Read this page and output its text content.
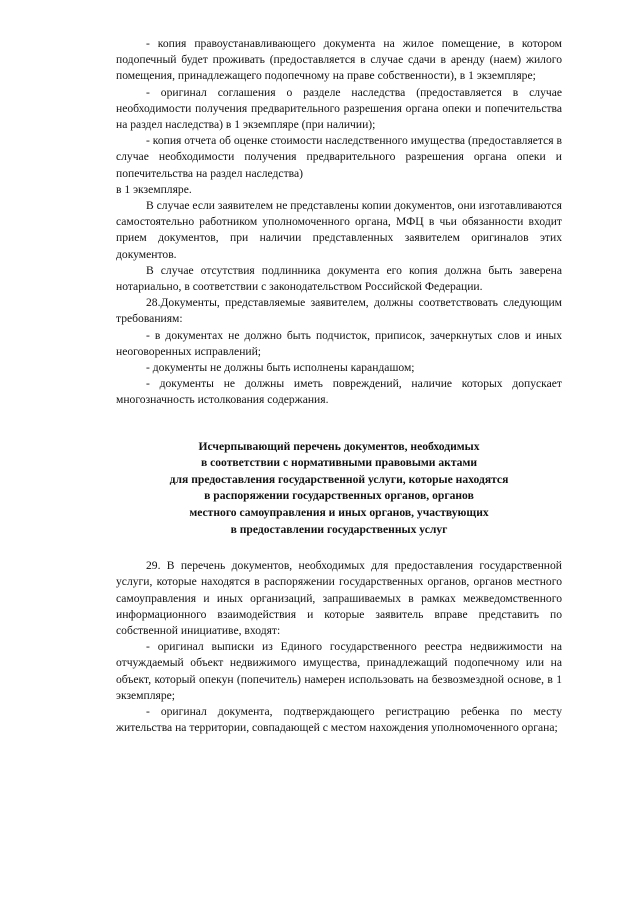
- копия правоустанавливающего документа на жилое помещение, в котором подопечный будет проживать (предоставляется в случае сдачи в аренду (наем) жилого помещения, принадлежащего подопечному на праве собственности), в 1 экземпляре;

- оригинал соглашения о разделе наследства (предоставляется в случае необходимости получения предварительного разрешения органа опеки и попечительства на раздел наследства) в 1 экземпляре (при наличии);

- копия отчета об оценке стоимости наследственного имущества (предоставляется в случае необходимости получения предварительного разрешения органа опеки и попечительства на раздел наследства)

в 1 экземпляре.

В случае если заявителем не представлены копии документов, они изготавливаются самостоятельно работником уполномоченного органа, МФЦ в чьи обязанности входит прием документов, при наличии представленных заявителем оригиналов этих документов.

В случае отсутствия подлинника документа его копия должна быть заверена нотариально, в соответствии с законодательством Российской Федерации.

28.Документы, представляемые заявителем, должны соответствовать следующим требованиям:

- в документах не должно быть подчисток, приписок, зачеркнутых слов и иных неоговоренных исправлений;

- документы не должны быть исполнены карандашом;

- документы не должны иметь повреждений, наличие которых допускает многозначность истолкования содержания.

Исчерпывающий перечень документов, необходимых
в соответствии с нормативными правовыми актами
для предоставления государственной услуги, которые находятся
в распоряжении государственных органов, органов
местного самоуправления и иных органов, участвующих
в предоставлении государственных услуг

29. В перечень документов, необходимых для предоставления государственной услуги, которые находятся в распоряжении государственных органов, органов местного самоуправления и иных организаций, запрашиваемых в рамках межведомственного информационного взаимодействия и которые заявитель вправе представить по собственной инициативе, входят:

- оригинал выписки из Единого государственного реестра недвижимости на отчуждаемый объект недвижимого имущества, принадлежащий подопечному или на объект, который опекун (попечитель) намерен использовать на безвозмездной основе, в 1 экземпляре;

- оригинал документа, подтверждающего регистрацию ребенка по месту жительства на территории, совпадающей с местом нахождения уполномоченного органа;
